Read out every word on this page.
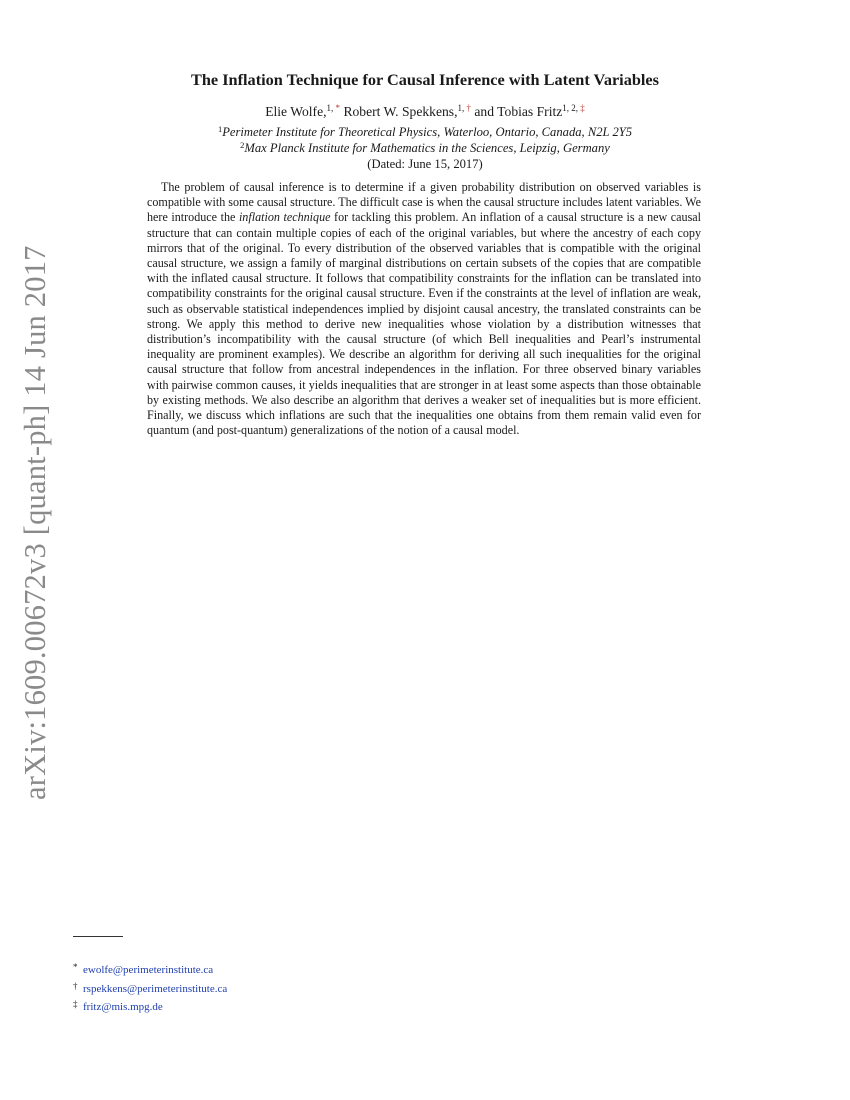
arXiv:1609.00672v3 [quant-ph] 14 Jun 2017
The Inflation Technique for Causal Inference with Latent Variables
Elie Wolfe,$^{1, *}$ Robert W. Spekkens,$^{1, \dagger}$ and Tobias Fritz$^{1, 2, \ddagger}$
$^1$Perimeter Institute for Theoretical Physics, Waterloo, Ontario, Canada, N2L 2Y5
$^2$Max Planck Institute for Mathematics in the Sciences, Leipzig, Germany
(Dated: June 15, 2017)

The problem of causal inference is to determine if a given probability distribution on observed variables is compatible with some causal structure. The difficult case is when the causal structure includes latent variables. We here introduce the inflation technique for tackling this problem. An inflation of a causal structure is a new causal structure that can contain multiple copies of each of the original variables, but where the ancestry of each copy mirrors that of the original. To every distribution of the observed variables that is compatible with the original causal structure, we assign a family of marginal distributions on certain subsets of the copies that are compatible with the inflated causal structure. It follows that compatibility constraints for the inflation can be translated into compatibility constraints for the original causal structure. Even if the constraints at the level of inflation are weak, such as observable statistical independences implied by disjoint causal ancestry, the translated constraints can be strong. We apply this method to derive new inequalities whose violation by a distribution witnesses that distribution’s incompatibility with the causal structure (of which Bell inequalities and Pearl’s instrumental inequality are prominent examples). We describe an algorithm for deriving all such inequalities for the original causal structure that follow from ancestral independences in the inflation. For three observed binary variables with pairwise common causes, it yields inequalities that are stronger in at least some aspects than those obtainable by existing methods. We also describe an algorithm that derives a weaker set of inequalities but is more efficient. Finally, we discuss which inflations are such that the inequalities one obtains from them remain valid even for quantum (and post-quantum) generalizations of the notion of a causal model.

* ewolfe@perimeterinstitute.ca
† rspekkens@perimeterinstitute.ca
‡ fritz@mis.mpg.de
